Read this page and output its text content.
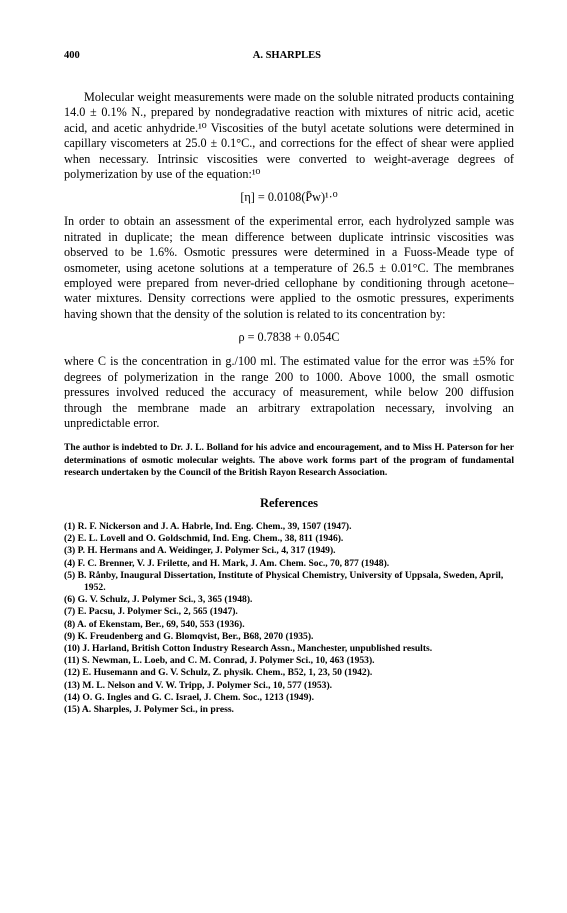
400	A. SHARPLES

Molecular weight measurements were made on the soluble nitrated products containing 14.0 ± 0.1% N., prepared by nondegradative reaction with mixtures of nitric acid, acetic acid, and acetic anhydride.¹⁰ Viscosities of the butyl acetate solutions were determined in capillary viscometers at 25.0 ± 0.1°C., and corrections for the effect of shear were applied when necessary. Intrinsic viscosities were converted to weight-average degrees of polymerization by use of the equation:¹⁰

[η] = 0.0108(P̄w)¹·⁰

In order to obtain an assessment of the experimental error, each hydrolyzed sample was nitrated in duplicate; the mean difference between duplicate intrinsic viscosities was observed to be 1.6%. Osmotic pressures were determined in a Fuoss-Meade type of osmometer, using acetone solutions at a temperature of 26.5 ± 0.01°C. The membranes employed were prepared from never-dried cellophane by conditioning through acetone–water mixtures. Density corrections were applied to the osmotic pressures, experiments having shown that the density of the solution is related to its concentration by:

ρ = 0.7838 + 0.054C

where C is the concentration in g./100 ml. The estimated value for the error was ±5% for degrees of polymerization in the range 200 to 1000. Above 1000, the small osmotic pressures involved reduced the accuracy of measurement, while below 200 diffusion through the membrane made an arbitrary extrapolation necessary, involving an unpredictable error.

The author is indebted to Dr. J. L. Bolland for his advice and encouragement, and to Miss H. Paterson for her determinations of osmotic molecular weights. The above work forms part of the program of fundamental research undertaken by the Council of the British Rayon Research Association.
References

(1) R. F. Nickerson and J. A. Habrle, Ind. Eng. Chem., 39, 1507 (1947).

(2) E. L. Lovell and O. Goldschmid, Ind. Eng. Chem., 38, 811 (1946).

(3) P. H. Hermans and A. Weidinger, J. Polymer Sci., 4, 317 (1949).

(4) F. C. Brenner, V. J. Frilette, and H. Mark, J. Am. Chem. Soc., 70, 877 (1948).

(5) B. Rånby, Inaugural Dissertation, Institute of Physical Chemistry, University of Uppsala, Sweden, April, 1952.

(6) G. V. Schulz, J. Polymer Sci., 3, 365 (1948).

(7) E. Pacsu, J. Polymer Sci., 2, 565 (1947).

(8) A. of Ekenstam, Ber., 69, 540, 553 (1936).

(9) K. Freudenberg and G. Blomqvist, Ber., B68, 2070 (1935).

(10) J. Harland, British Cotton Industry Research Assn., Manchester, unpublished results.

(11) S. Newman, L. Loeb, and C. M. Conrad, J. Polymer Sci., 10, 463 (1953).

(12) E. Husemann and G. V. Schulz, Z. physik. Chem., B52, 1, 23, 50 (1942).

(13) M. L. Nelson and V. W. Tripp, J. Polymer Sci., 10, 577 (1953).

(14) O. G. Ingles and G. C. Israel, J. Chem. Soc., 1213 (1949).

(15) A. Sharples, J. Polymer Sci., in press.
